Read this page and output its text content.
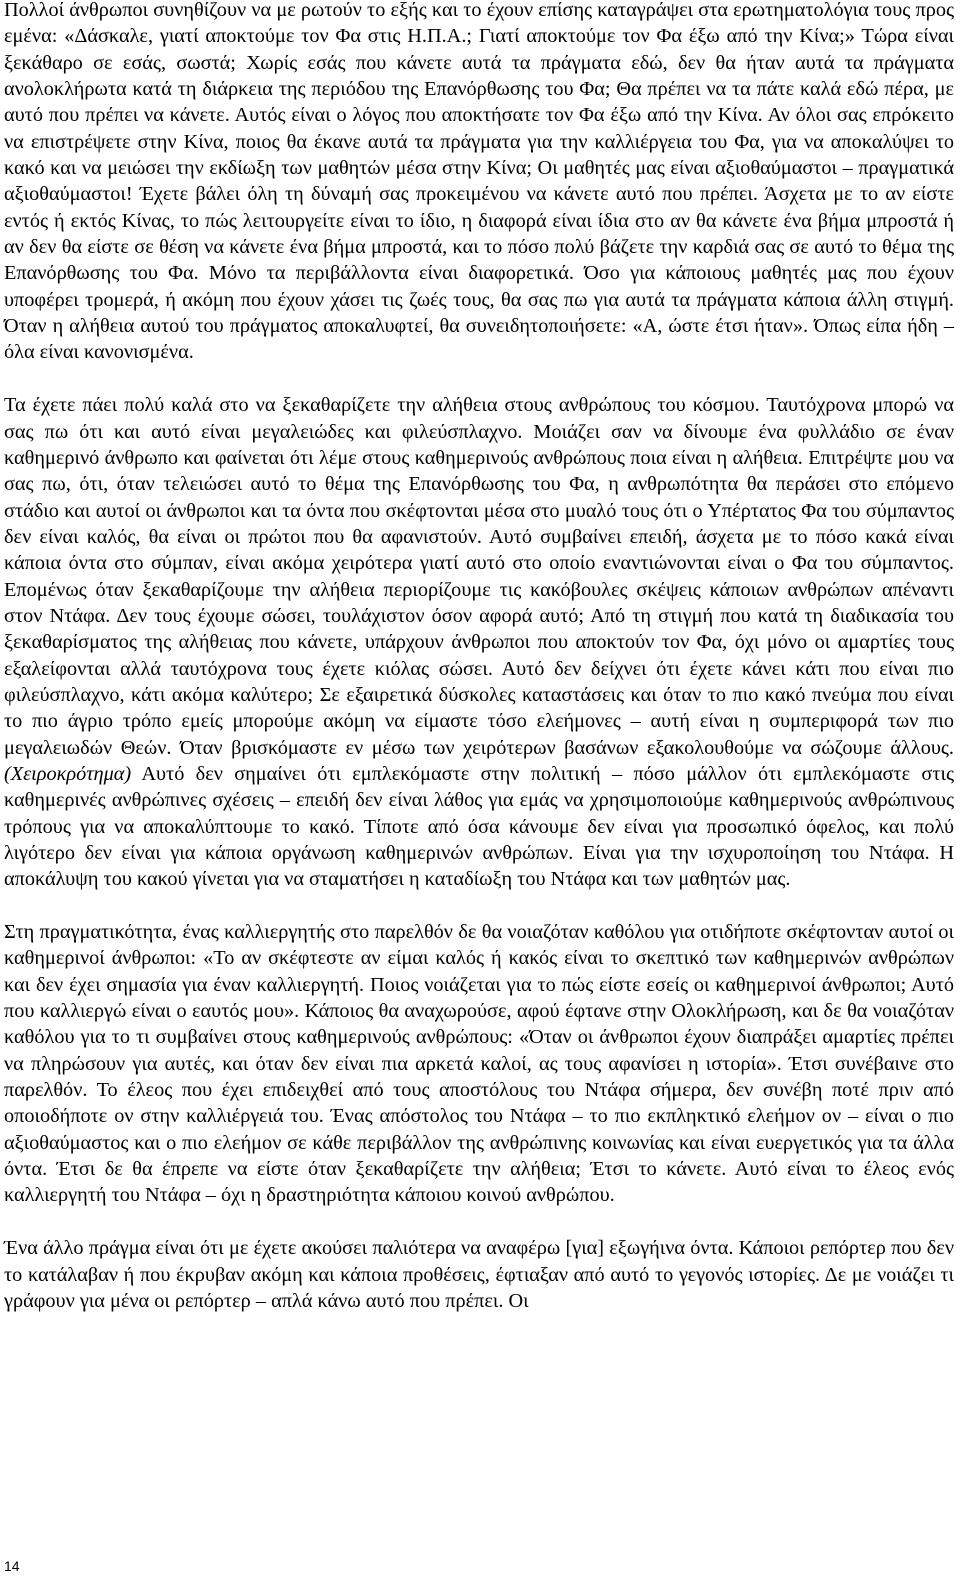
Πολλοί άνθρωποι συνηθίζουν να με ρωτούν το εξής και το έχουν επίσης καταγράψει στα ερωτηματολόγια τους προς εμένα: «Δάσκαλε, γιατί αποκτούμε τον Φα στις Η.Π.Α.; Γιατί αποκτούμε τον Φα έξω από την Κίνα;» Τώρα είναι ξεκάθαρο σε εσάς, σωστά; Χωρίς εσάς που κάνετε αυτά τα πράγματα εδώ, δεν θα ήταν αυτά τα πράγματα ανολοκλήρωτα κατά τη διάρκεια της περιόδου της Επανόρθωσης του Φα; Θα πρέπει να τα πάτε καλά εδώ πέρα, με αυτό που πρέπει να κάνετε. Αυτός είναι ο λόγος που αποκτήσατε τον Φα έξω από την Κίνα. Αν όλοι σας επρόκειτο να επιστρέψετε στην Κίνα, ποιος θα έκανε αυτά τα πράγματα για την καλλιέργεια του Φα, για να αποκαλύψει το κακό και να μειώσει την εκδίωξη των μαθητών μέσα στην Κίνα; Οι μαθητές μας είναι αξιοθαύμαστοι – πραγματικά αξιοθαύμαστοι! Έχετε βάλει όλη τη δύναμή σας προκειμένου να κάνετε αυτό που πρέπει. Άσχετα με το αν είστε εντός ή εκτός Κίνας, το πώς λειτουργείτε είναι το ίδιο, η διαφορά είναι ίδια στο αν θα κάνετε ένα βήμα μπροστά ή αν δεν θα είστε σε θέση να κάνετε ένα βήμα μπροστά, και το πόσο πολύ βάζετε την καρδιά σας σε αυτό το θέμα της Επανόρθωσης του Φα. Μόνο τα περιβάλλοντα είναι διαφορετικά. Όσο για κάποιους μαθητές μας που έχουν υποφέρει τρομερά, ή ακόμη που έχουν χάσει τις ζωές τους, θα σας πω για αυτά τα πράγματα κάποια άλλη στιγμή. Όταν η αλήθεια αυτού του πράγματος αποκαλυφτεί, θα συνειδητοποιήσετε: «Α, ώστε έτσι ήταν». Όπως είπα ήδη – όλα είναι κανονισμένα.

Τα έχετε πάει πολύ καλά στο να ξεκαθαρίζετε την αλήθεια στους ανθρώπους του κόσμου. Ταυτόχρονα μπορώ να σας πω ότι και αυτό είναι μεγαλειώδες και φιλεύσπλαχνο. Μοιάζει σαν να δίνουμε ένα φυλλάδιο σε έναν καθημερινό άνθρωπο και φαίνεται ότι λέμε στους καθημερινούς ανθρώπους ποια είναι η αλήθεια. Επιτρέψτε μου να σας πω, ότι, όταν τελειώσει αυτό το θέμα της Επανόρθωσης του Φα, η ανθρωπότητα θα περάσει στο επόμενο στάδιο και αυτοί οι άνθρωποι και τα όντα που σκέφτονται μέσα στο μυαλό τους ότι ο Υπέρτατος Φα του σύμπαντος δεν είναι καλός, θα είναι οι πρώτοι που θα αφανιστούν. Αυτό συμβαίνει επειδή, άσχετα με το πόσο κακά είναι κάποια όντα στο σύμπαν, είναι ακόμα χειρότερα γιατί αυτό στο οποίο εναντιώνονται είναι ο Φα του σύμπαντος. Επομένως όταν ξεκαθαρίζουμε την αλήθεια περιορίζουμε τις κακόβουλες σκέψεις κάποιων ανθρώπων απέναντι στον Ντάφα. Δεν τους έχουμε σώσει, τουλάχιστον όσον αφορά αυτό; Από τη στιγμή που κατά τη διαδικασία του ξεκαθαρίσματος της αλήθειας που κάνετε, υπάρχουν άνθρωποι που αποκτούν τον Φα, όχι μόνο οι αμαρτίες τους εξαλείφονται αλλά ταυτόχρονα τους έχετε κιόλας σώσει. Αυτό δεν δείχνει ότι έχετε κάνει κάτι που είναι πιο φιλεύσπλαχνο, κάτι ακόμα καλύτερο; Σε εξαιρετικά δύσκολες καταστάσεις και όταν το πιο κακό πνεύμα που είναι το πιο άγριο τρόπο εμείς μπορούμε ακόμη να είμαστε τόσο ελεήμονες – αυτή είναι η συμπεριφορά των πιο μεγαλειωδών Θεών. Όταν βρισκόμαστε εν μέσω των χειρότερων βασάνων εξακολουθούμε να σώζουμε άλλους. (Χειροκρότημα) Αυτό δεν σημαίνει ότι εμπλεκόμαστε στην πολιτική – πόσο μάλλον ότι εμπλεκόμαστε στις καθημερινές ανθρώπινες σχέσεις – επειδή δεν είναι λάθος για εμάς να χρησιμοποιούμε καθημερινούς ανθρώπινους τρόπους για να αποκαλύπτουμε το κακό. Τίποτε από όσα κάνουμε δεν είναι για προσωπικό όφελος, και πολύ λιγότερο δεν είναι για κάποια οργάνωση καθημερινών ανθρώπων. Είναι για την ισχυροποίηση του Ντάφα. Η αποκάλυψη του κακού γίνεται για να σταματήσει η καταδίωξη του Ντάφα και των μαθητών μας.

Στη πραγματικότητα, ένας καλλιεργητής στο παρελθόν δε θα νοιαζόταν καθόλου για οτιδήποτε σκέφτονταν αυτοί οι καθημερινοί άνθρωποι: «Το αν σκέφτεστε αν είμαι καλός ή κακός είναι το σκεπτικό των καθημερινών ανθρώπων και δεν έχει σημασία για έναν καλλιεργητή. Ποιος νοιάζεται για το πώς είστε εσείς οι καθημερινοί άνθρωποι; Αυτό που καλλιεργώ είναι ο εαυτός μου». Κάποιος θα αναχωρούσε, αφού έφτανε στην Ολοκλήρωση, και δε θα νοιαζόταν καθόλου για το τι συμβαίνει στους καθημερινούς ανθρώπους: «Όταν οι άνθρωποι έχουν διαπράξει αμαρτίες πρέπει να πληρώσουν για αυτές, και όταν δεν είναι πια αρκετά καλοί, ας τους αφανίσει η ιστορία». Έτσι συνέβαινε στο παρελθόν. Το έλεος που έχει επιδειχθεί από τους αποστόλους του Ντάφα σήμερα, δεν συνέβη ποτέ πριν από οποιοδήποτε ον στην καλλιέργειά του. Ένας απόστολος του Ντάφα – το πιο εκπληκτικό ελεήμον ον – είναι ο πιο αξιοθαύμαστος και ο πιο ελεήμον σε κάθε περιβάλλον της ανθρώπινης κοινωνίας και είναι ευεργετικός για τα άλλα όντα. Έτσι δε θα έπρεπε να είστε όταν ξεκαθαρίζετε την αλήθεια; Έτσι το κάνετε. Αυτό είναι το έλεος ενός καλλιεργητή του Ντάφα – όχι η δραστηριότητα κάποιου κοινού ανθρώπου.

Ένα άλλο πράγμα είναι ότι με έχετε ακούσει παλιότερα να αναφέρω [για] εξωγήινα όντα. Κάποιοι ρεπόρτερ που δεν το κατάλαβαν ή που έκρυβαν ακόμη και κάποια προθέσεις, έφτιαξαν από αυτό το γεγονός ιστορίες. Δε με νοιάζει τι γράφουν για μένα οι ρεπόρτερ – απλά κάνω αυτό που πρέπει. Οι

14
